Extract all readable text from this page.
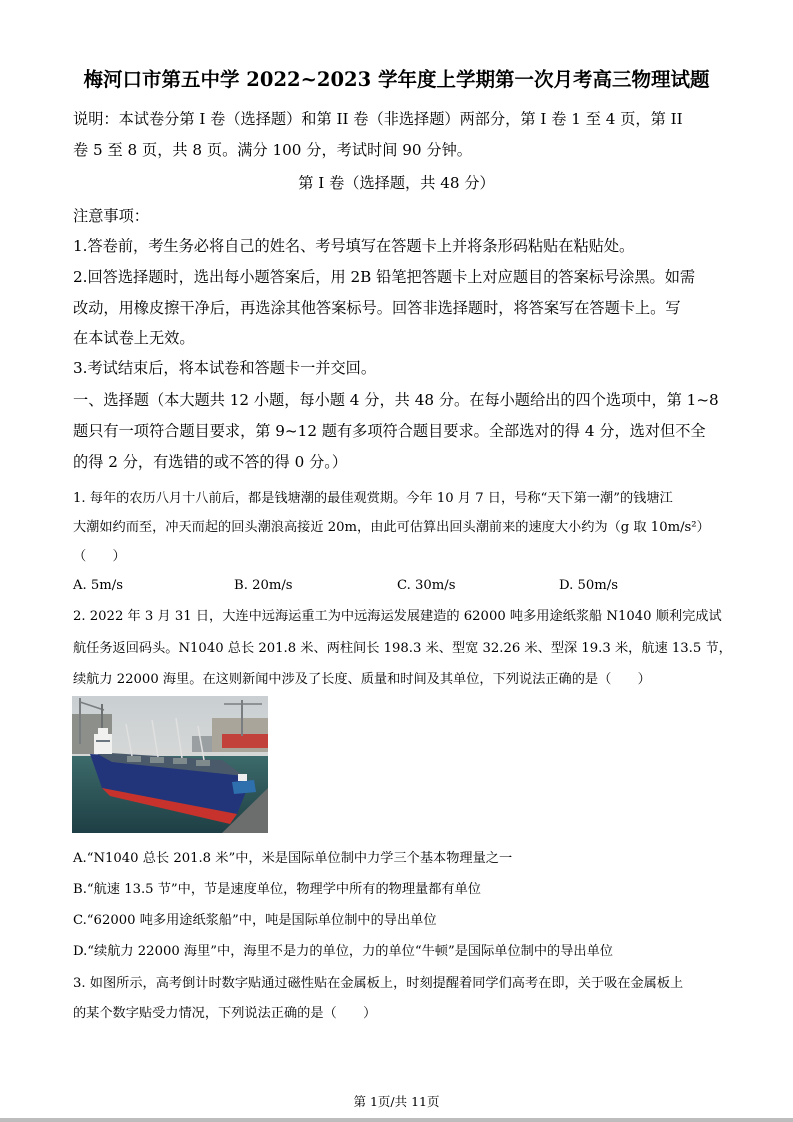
梅河口市第五中学 2022~2023 学年度上学期第一次月考高三物理试题
说明：本试卷分第 I 卷（选择题）和第 II 卷（非选择题）两部分，第 I 卷 1 至 4 页，第 II
卷 5 至 8 页，共 8 页。满分 100 分，考试时间 90 分钟。
第 I 卷（选择题，共 48 分）
注意事项：
1.答卷前，考生务必将自己的姓名、考号填写在答题卡上并将条形码粘贴在粘贴处。
2.回答选择题时，选出每小题答案后，用 2B 铅笔把答题卡上对应题目的答案标号涂黑。如需
改动，用橡皮擦干净后，再选涂其他答案标号。回答非选择题时，将答案写在答题卡上。写
在本试卷上无效。
3.考试结束后，将本试卷和答题卡一并交回。
一、选择题（本大题共 12 小题，每小题 4 分，共 48 分。在每小题给出的四个选项中，第 1~8
题只有一项符合题目要求，第 9~12 题有多项符合题目要求。全部选对的得 4 分，选对但不全
的得 2 分，有选错的或不答的得 0 分。）
1. 每年的农历八月十八前后，都是钱塘潮的最佳观赏期。今年 10 月 7 日，号称“天下第一潮”的钱塘江
大潮如约而至，冲天而起的回头潮浪高接近 20m，由此可估算出回头潮前来的速度大小约为（g 取 10m/s²）
（　　）
A. 5m/s	B. 20m/s	C. 30m/s	D. 50m/s
2. 2022 年 3 月 31 日，大连中远海运重工为中远海运发展建造的 62000 吨多用途纸浆船 N1040 顺利完成试
航任务返回码头。N1040 总长 201.8 米、两柱间长 198.3 米、型宽 32.26 米、型深 19.3 米，航速 13.5 节，
续航力 22000 海里。在这则新闻中涉及了长度、质量和时间及其单位，下列说法正确的是（　　）
A.“N1040 总长 201.8 米”中，米是国际单位制中力学三个基本物理量之一
B.“航速 13.5 节”中，节是速度单位，物理学中所有的物理量都有单位
C.“62000 吨多用途纸浆船”中，吨是国际单位制中的导出单位
D.“续航力 22000 海里”中，海里不是力的单位，力的单位“牛顿”是国际单位制中的导出单位
3. 如图所示，高考倒计时数字贴通过磁性贴在金属板上，时刻提醒着同学们高考在即，关于吸在金属板上
的某个数字贴受力情况，下列说法正确的是（　　）
第 1页/共 11页
